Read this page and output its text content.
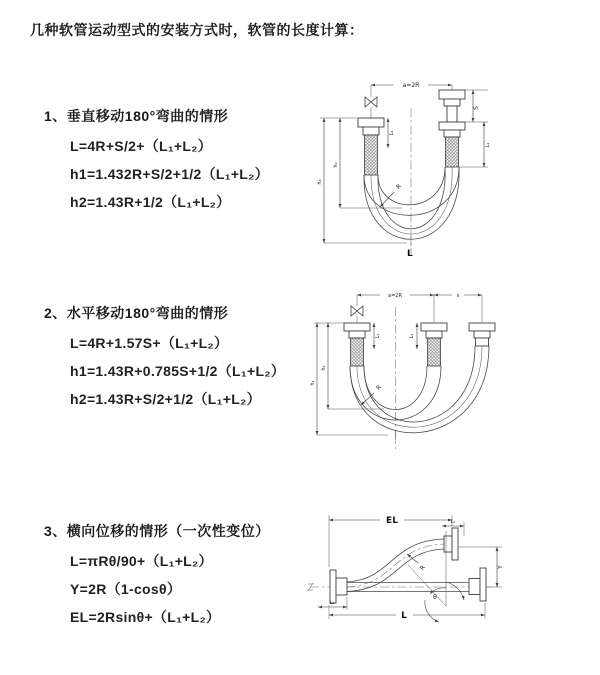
几种软管运动型式的安装方式时，软管的长度计算：
1、垂直移动180°弯曲的情形
L=4R+S/2+（L₁+L₂）
h1=1.432R+S/2+1/2（L₁+L₂）
h2=1.43R+1/2（L₁+L₂）
2、水平移动180°弯曲的情形
L=4R+1.57S+（L₁+L₂）
h1=1.43R+0.785S+1/2（L₁+L₂）
h2=1.43R+S/2+1/2（L₁+L₂）
3、横向位移的情形（一次性变位）
L=πRθ/90+（L₁+L₂）
Y=2R（1-cosθ）
EL=2Rsinθ+（L₁+L₂）
a=2R
S
L₁
L₁
h₂
h₁
R
L
a=2R	s
L₁	L₁
h₂
h₁
R
EL	L₁
Y
θ
R
L₁
L
